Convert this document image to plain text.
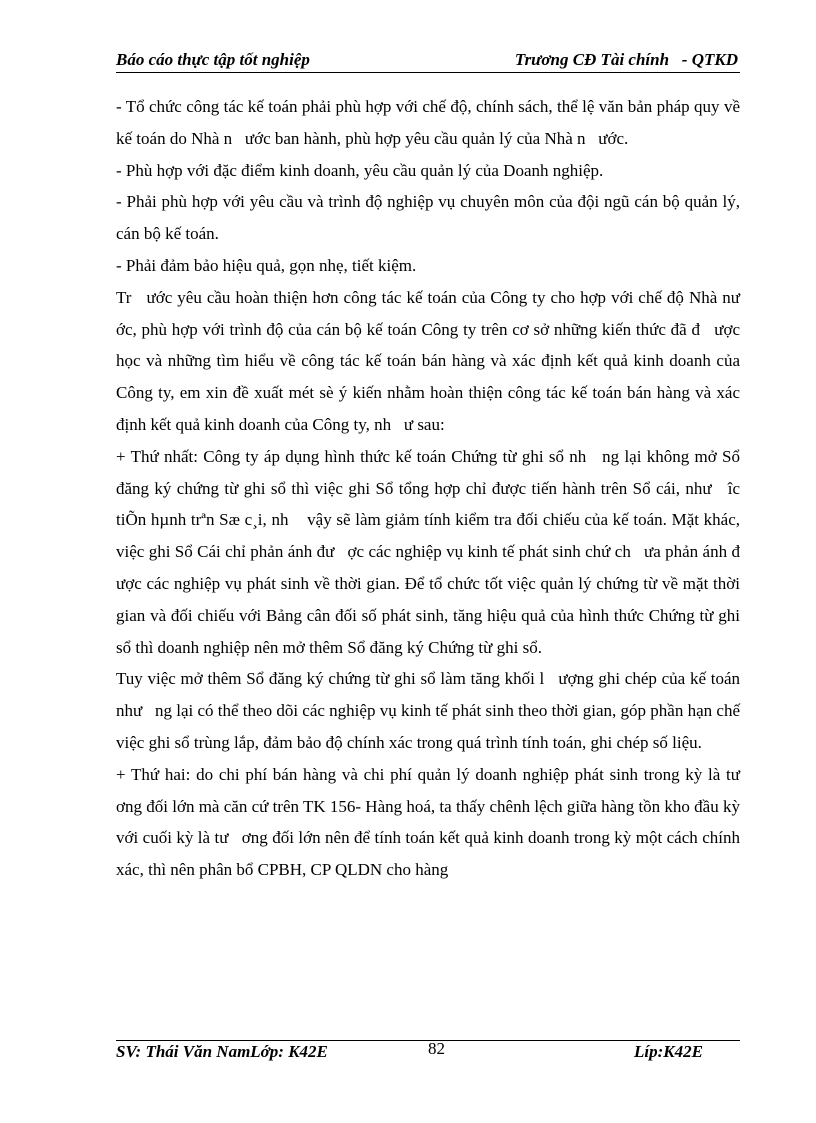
Báo cáo thực tập tốt nghiệp	Trương CĐ Tài chính   - QTKD

- Tổ chức công tác kế toán phải phù hợp với chế độ, chính sách, thể lệ văn bản pháp quy về kế toán do Nhà n   ước ban hành, phù hợp yêu cầu quản lý của Nhà n   ước.

- Phù hợp với đặc điểm kinh doanh, yêu cầu quản lý của Doanh nghiệp.

- Phải phù hợp với yêu cầu và trình độ nghiệp vụ chuyên môn của đội ngũ cán bộ quản lý, cán bộ kế toán.

- Phải đảm bảo hiệu quả, gọn nhẹ, tiết kiệm.

Tr   ước yêu cầu hoàn thiện hơn công tác kế toán của Công ty cho hợp với chế độ Nhà nư   ớc, phù hợp với trình độ của cán bộ kế toán Công ty trên cơ sở những kiến thức đã đ   ược học và những tìm hiểu về công tác kế toán bán hàng và xác định kết quả kinh doanh của Công ty, em xin đề xuất mét sè ý kiến nhằm hoàn thiện công tác kế toán bán hàng và xác định kết quả kinh doanh của Công ty, nh   ư sau:

+ Thứ nhất: Công ty áp dụng hình thức kế toán Chứng từ ghi sổ nh   ng lại không mở Sổ đăng ký chứng từ ghi sổ thì việc ghi Sổ tổng hợp chỉ được tiến hành trên Sổ cái, như   îc tiÕn hµnh trªn Sæ c¸i, nh    vậy sẽ làm giảm tính kiểm tra đối chiếu của kế toán. Mặt khác, việc ghi Sổ Cái chỉ phản ánh đư   ợc các nghiệp vụ kinh tế phát sinh chứ ch   ưa phản ánh đ   ược các nghiệp vụ phát sinh về thời gian. Để tổ chức tốt việc quản lý chứng từ về mặt thời gian và đối chiếu với Bảng cân đối số phát sinh, tăng hiệu quả của hình thức Chứng từ ghi sổ thì doanh nghiệp nên mở thêm Sổ đăng ký Chứng từ ghi sổ.

Tuy việc mở thêm Sổ đăng ký chứng từ ghi sổ làm tăng khối l   ượng ghi chép của kế toán như   ng lại có thể theo dõi các nghiệp vụ kinh tế phát sinh theo thời gian, góp phần hạn chế việc ghi sổ trùng lắp, đảm bảo độ chính xác trong quá trình tính toán, ghi chép số liệu.

+ Thứ hai: do chi phí bán hàng và chi phí quản lý doanh nghiệp phát sinh trong kỳ là tư   ơng đối lớn mà căn cứ trên TK 156- Hàng hoá, ta thấy chênh lệch giữa hàng tồn kho đầu kỳ với cuối kỳ là tư   ơng đối lớn nên để tính toán kết quả kinh doanh trong kỳ một cách chính xác, thì nên phân bổ CPBH, CP QLDN cho hàng

SV: Thái Văn NamLớp: K42E	82	Líp:K42E
